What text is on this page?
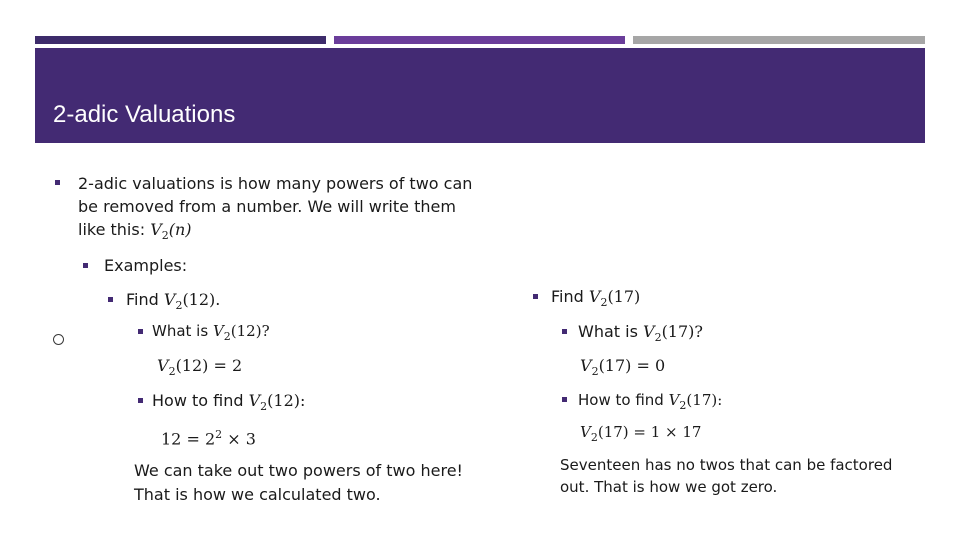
2-adic Valuations
2-adic valuations is how many powers of two can
be removed from a number. We will write them
like this: $V_2(n)$
Examples:
Find $V_2(12)$.
What is $V_2(12)$?
$V_2(12) = 2$
How to find $V_2(12)$:
$12 = 2^2 \times 3$
We can take out two powers of two here!
That is how we calculated two.
Find $V_2(17)$
What is $V_2(17)$?
$V_2(17) = 0$
How to find $V_2(17)$:
$V_2(17) = 1 \times 17$
Seventeen has no twos that can be factored
out. That is how we got zero.
